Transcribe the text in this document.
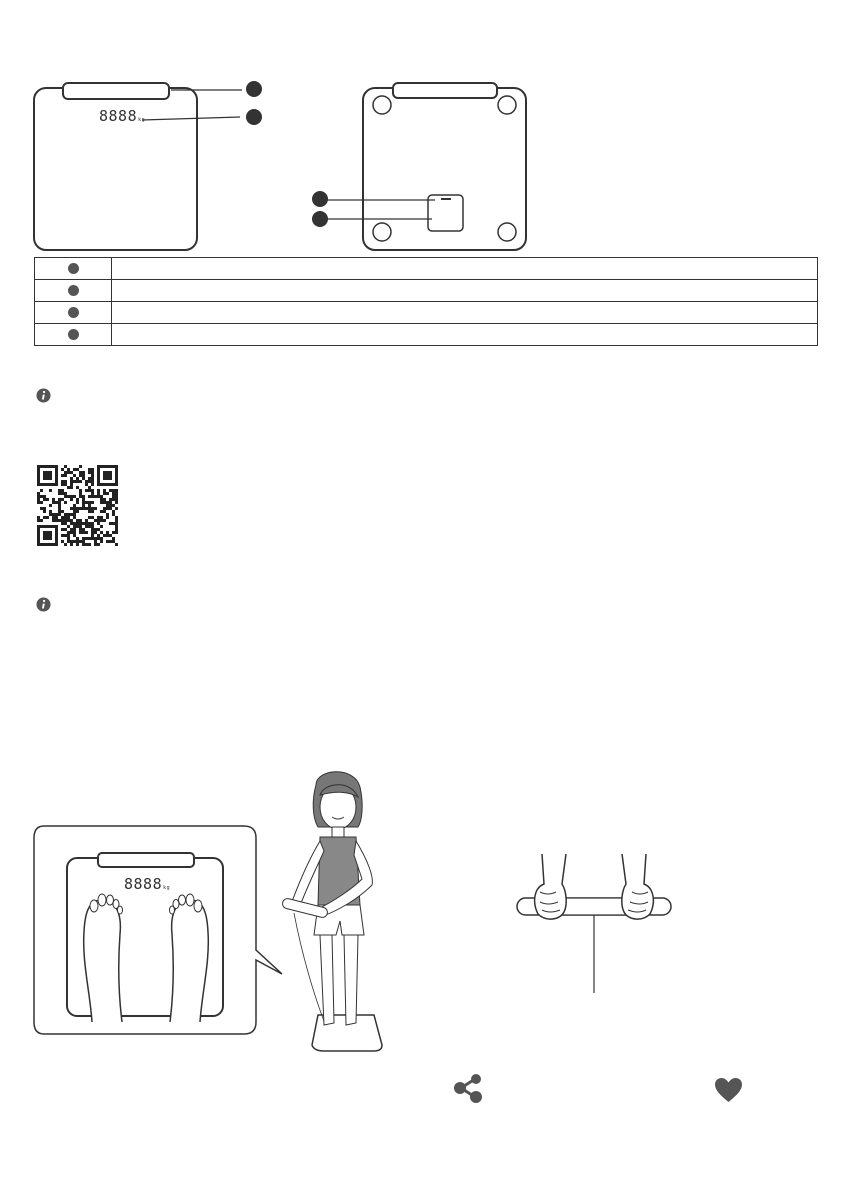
8888kg

8888kg
